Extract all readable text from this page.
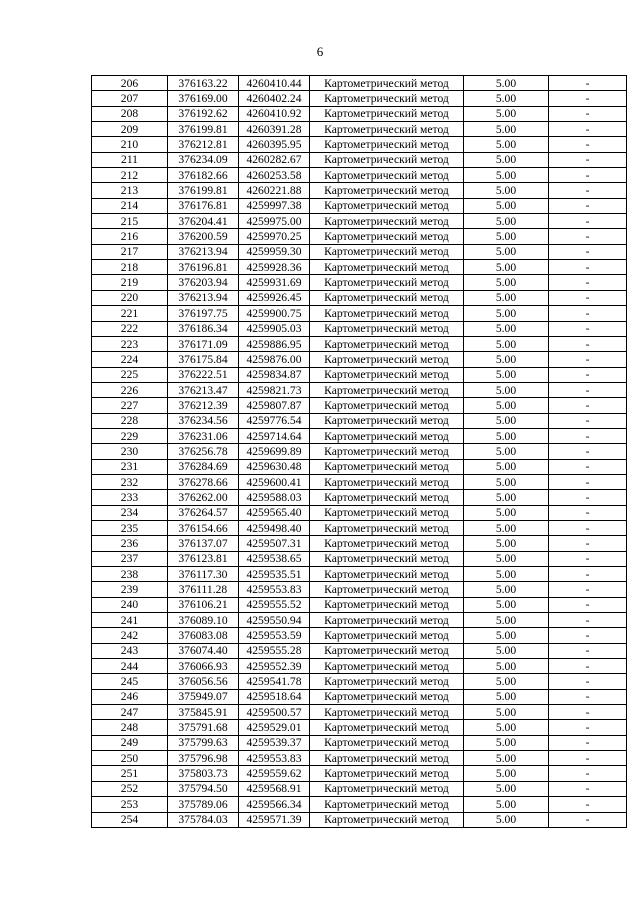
6
206	376163.22	4260410.44	Картометрический метод	5.00	-
207	376169.00	4260402.24	Картометрический метод	5.00	-
208	376192.62	4260410.92	Картометрический метод	5.00	-
209	376199.81	4260391.28	Картометрический метод	5.00	-
210	376212.81	4260395.95	Картометрический метод	5.00	-
211	376234.09	4260282.67	Картометрический метод	5.00	-
212	376182.66	4260253.58	Картометрический метод	5.00	-
213	376199.81	4260221.88	Картометрический метод	5.00	-
214	376176.81	4259997.38	Картометрический метод	5.00	-
215	376204.41	4259975.00	Картометрический метод	5.00	-
216	376200.59	4259970.25	Картометрический метод	5.00	-
217	376213.94	4259959.30	Картометрический метод	5.00	-
218	376196.81	4259928.36	Картометрический метод	5.00	-
219	376203.94	4259931.69	Картометрический метод	5.00	-
220	376213.94	4259926.45	Картометрический метод	5.00	-
221	376197.75	4259900.75	Картометрический метод	5.00	-
222	376186.34	4259905.03	Картометрический метод	5.00	-
223	376171.09	4259886.95	Картометрический метод	5.00	-
224	376175.84	4259876.00	Картометрический метод	5.00	-
225	376222.51	4259834.87	Картометрический метод	5.00	-
226	376213.47	4259821.73	Картометрический метод	5.00	-
227	376212.39	4259807.87	Картометрический метод	5.00	-
228	376234.56	4259776.54	Картометрический метод	5.00	-
229	376231.06	4259714.64	Картометрический метод	5.00	-
230	376256.78	4259699.89	Картометрический метод	5.00	-
231	376284.69	4259630.48	Картометрический метод	5.00	-
232	376278.66	4259600.41	Картометрический метод	5.00	-
233	376262.00	4259588.03	Картометрический метод	5.00	-
234	376264.57	4259565.40	Картометрический метод	5.00	-
235	376154.66	4259498.40	Картометрический метод	5.00	-
236	376137.07	4259507.31	Картометрический метод	5.00	-
237	376123.81	4259538.65	Картометрический метод	5.00	-
238	376117.30	4259535.51	Картометрический метод	5.00	-
239	376111.28	4259553.83	Картометрический метод	5.00	-
240	376106.21	4259555.52	Картометрический метод	5.00	-
241	376089.10	4259550.94	Картометрический метод	5.00	-
242	376083.08	4259553.59	Картометрический метод	5.00	-
243	376074.40	4259555.28	Картометрический метод	5.00	-
244	376066.93	4259552.39	Картометрический метод	5.00	-
245	376056.56	4259541.78	Картометрический метод	5.00	-
246	375949.07	4259518.64	Картометрический метод	5.00	-
247	375845.91	4259500.57	Картометрический метод	5.00	-
248	375791.68	4259529.01	Картометрический метод	5.00	-
249	375799.63	4259539.37	Картометрический метод	5.00	-
250	375796.98	4259553.83	Картометрический метод	5.00	-
251	375803.73	4259559.62	Картометрический метод	5.00	-
252	375794.50	4259568.91	Картометрический метод	5.00	-
253	375789.06	4259566.34	Картометрический метод	5.00	-
254	375784.03	4259571.39	Картометрический метод	5.00	-
